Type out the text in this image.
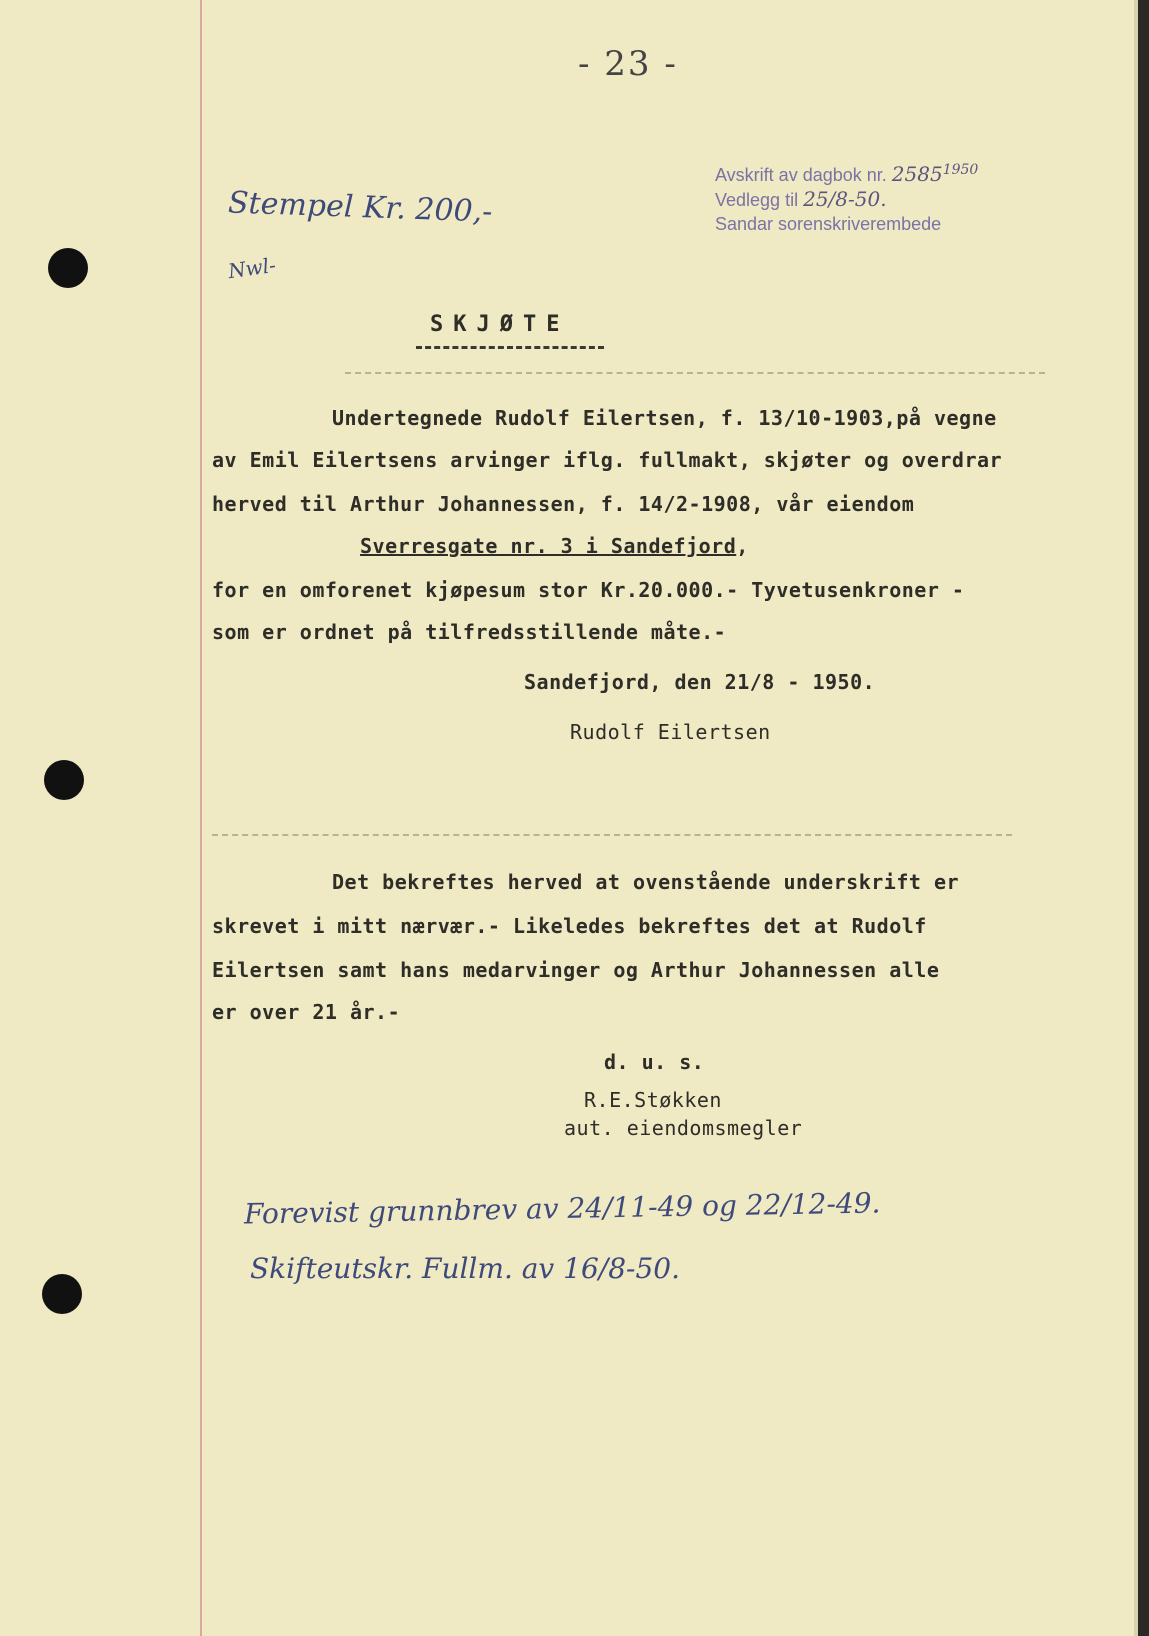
- 23 -
Avskrift av dagbok nr. $2585^{1950}$
Vedlegg til 25/8-50.
Sandar sorenskriverembede
Stempel Kr. 200,-
Nwl-
SKJØTE
Undertegnede Rudolf Eilertsen, f. 13/10-1903,på vegne
av Emil Eilertsens arvinger iflg. fullmakt, skjøter og overdrar
herved til Arthur Johannessen, f. 14/2-1908, vår eiendom
Sverresgate nr. 3 i Sandefjord,
for en omforenet kjøpesum stor Kr.20.000.- Tyvetusenkroner -
som er ordnet på tilfredsstillende måte.-
Sandefjord, den 21/8 - 1950.
Rudolf Eilertsen
Det bekreftes herved at ovenstående underskrift er
skrevet i mitt nærvær.- Likeledes bekreftes det at Rudolf
Eilertsen samt hans medarvinger og Arthur Johannessen alle
er over 21 år.-
d. u. s.
R.E.Støkken
aut. eiendomsmegler
Forevist grunnbrev av 24/11-49 og 22/12-49.
Skifteutskr. Fullm. av 16/8-50.
